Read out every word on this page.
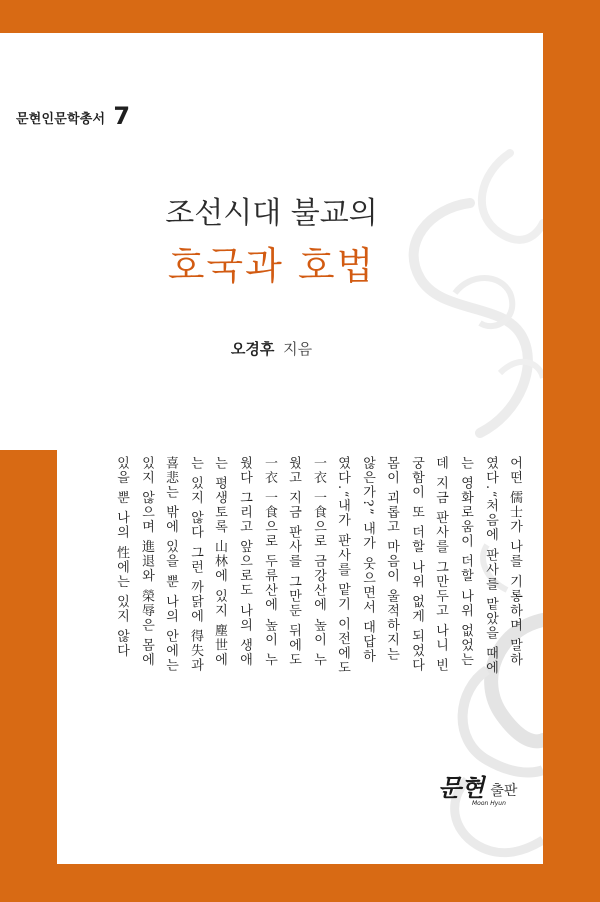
문현인문학총서 7
조선시대 불교의
호국과 호법
오경후 지음
어떤 儒士가 나를 기롱하며 말하
였다.“처음에 판사를 맡았을 때에
는 영화로움이 더할 나위 없었는
데 지금 판사를 그만두고 나니 빈
궁함이 또 더할 나위 없게 되었다
몸이 괴롭고 마음이 울적하지는
않은가?” 내가 웃으면서 대답하
였다.“내가 판사를 맡기 이전에도
一衣 一食으로 금강산에 높이 누
웠고 지금 판사를 그만둔 뒤에도
一衣 一食으로 두류산에 높이 누
웠다 그리고 앞으로도 나의 생애
는 평생토록 山林에 있지 塵世에
는 있지 않다 그런 까닭에 得失과
喜悲는 밖에 있을 뿐 나의 안에는
있지 않으며 進退와 榮辱은 몸에
있을 뿐 나의 性에는 있지 않다
문현
Moon Hyun
출판
